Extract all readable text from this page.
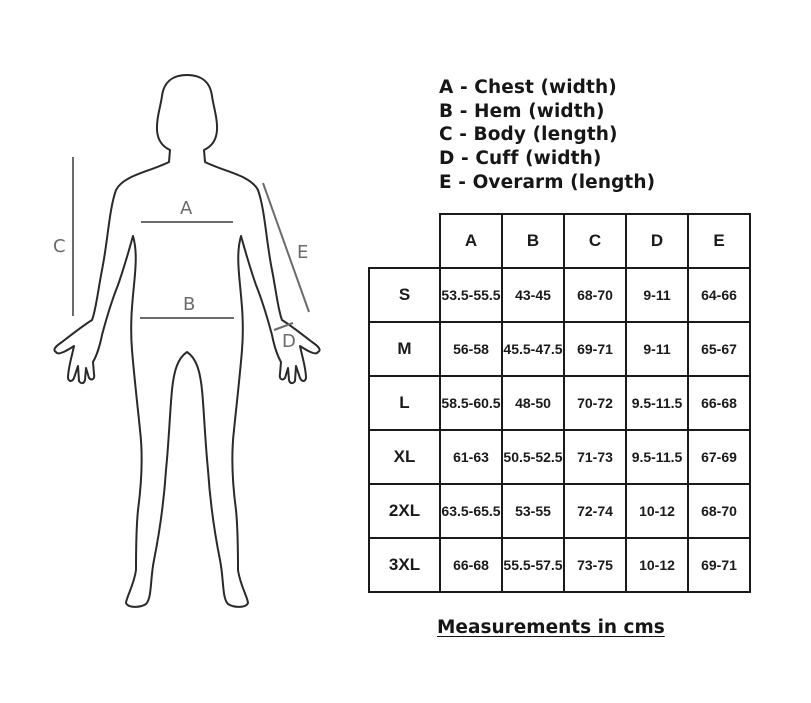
A
B
C
D
E
A - Chest (width)
B - Hem (width)
C - Body (length)
D - Cuff (width)
E - Overarm (length)
	A	B	C	D	E
S	53.5-55.5	43-45	68-70	9-11	64-66
M	56-58	45.5-47.5	69-71	9-11	65-67
L	58.5-60.5	48-50	70-72	9.5-11.5	66-68
XL	61-63	50.5-52.5	71-73	9.5-11.5	67-69
2XL	63.5-65.5	53-55	72-74	10-12	68-70
3XL	66-68	55.5-57.5	73-75	10-12	69-71
Measurements in cms
